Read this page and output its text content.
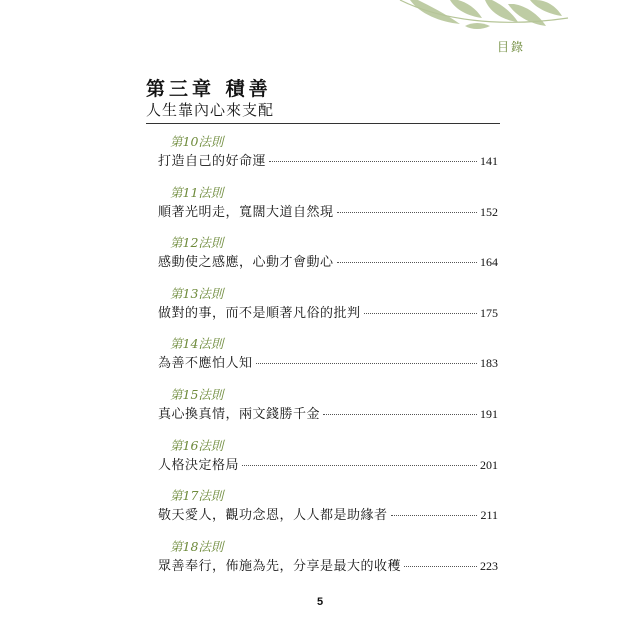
目錄
第三章 積善
人生靠內心來支配
第10法則
打造自己的好命運	141
第11法則
順著光明走，寬闊大道自然現	152
第12法則
感動使之感應，心動才會動心	164
第13法則
做對的事，而不是順著凡俗的批判	175
第14法則
為善不應怕人知	183
第15法則
真心換真情，兩文錢勝千金	191
第16法則
人格決定格局	201
第17法則
敬天愛人，觀功念恩，人人都是助緣者	211
第18法則
眾善奉行，佈施為先，分享是最大的收穫	223
5
